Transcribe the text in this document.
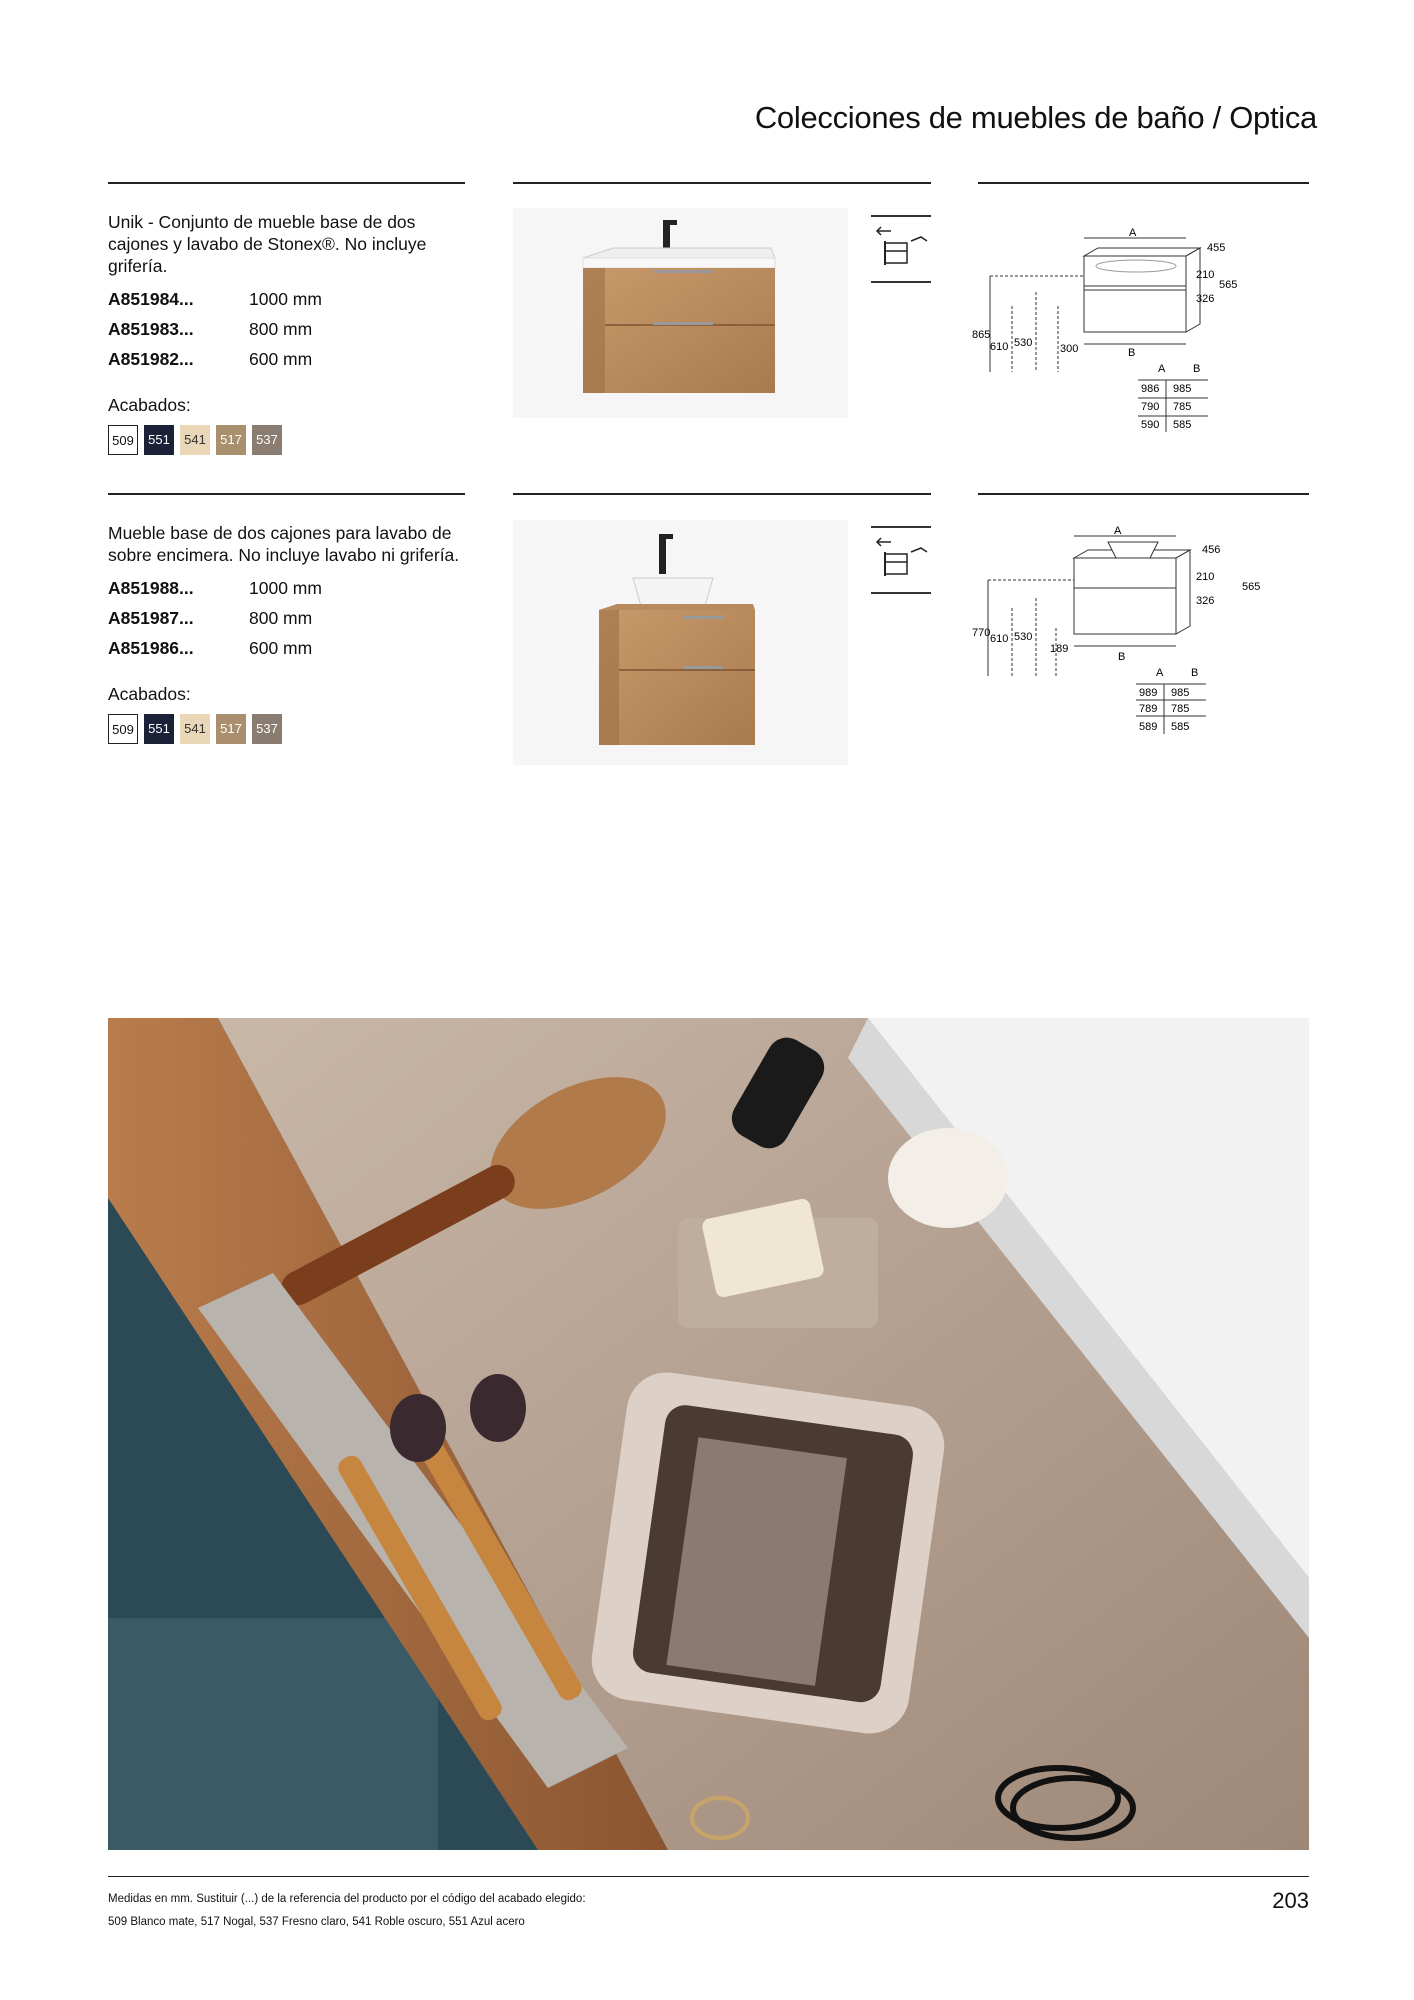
Colecciones de muebles de baño / Optica
Unik - Conjunto de mueble base de dos cajones y lavabo de Stonex®. No incluye grifería.
A851984...	1000 mm
A851983...	800 mm
A851982...	600 mm
Acabados:
509	551	541	517	537
A
455
210
565
326
865
610 530	300	B
A	B
986 985
790 785
590 585
Mueble base de dos cajones para lavabo de sobre encimera. No incluye lavabo ni grifería.
A851988...	1000 mm
A851987...	800 mm
A851986...	600 mm
Acabados:
509	551	541	517	537
A
456
210
565
326
770 610 530
189
B
A	B
989 985
789 785
589 585
Medidas en mm. Sustituir (...) de la referencia del producto por el código del acabado elegido:
509 Blanco mate, 517 Nogal, 537 Fresno claro, 541 Roble oscuro, 551 Azul acero
203
